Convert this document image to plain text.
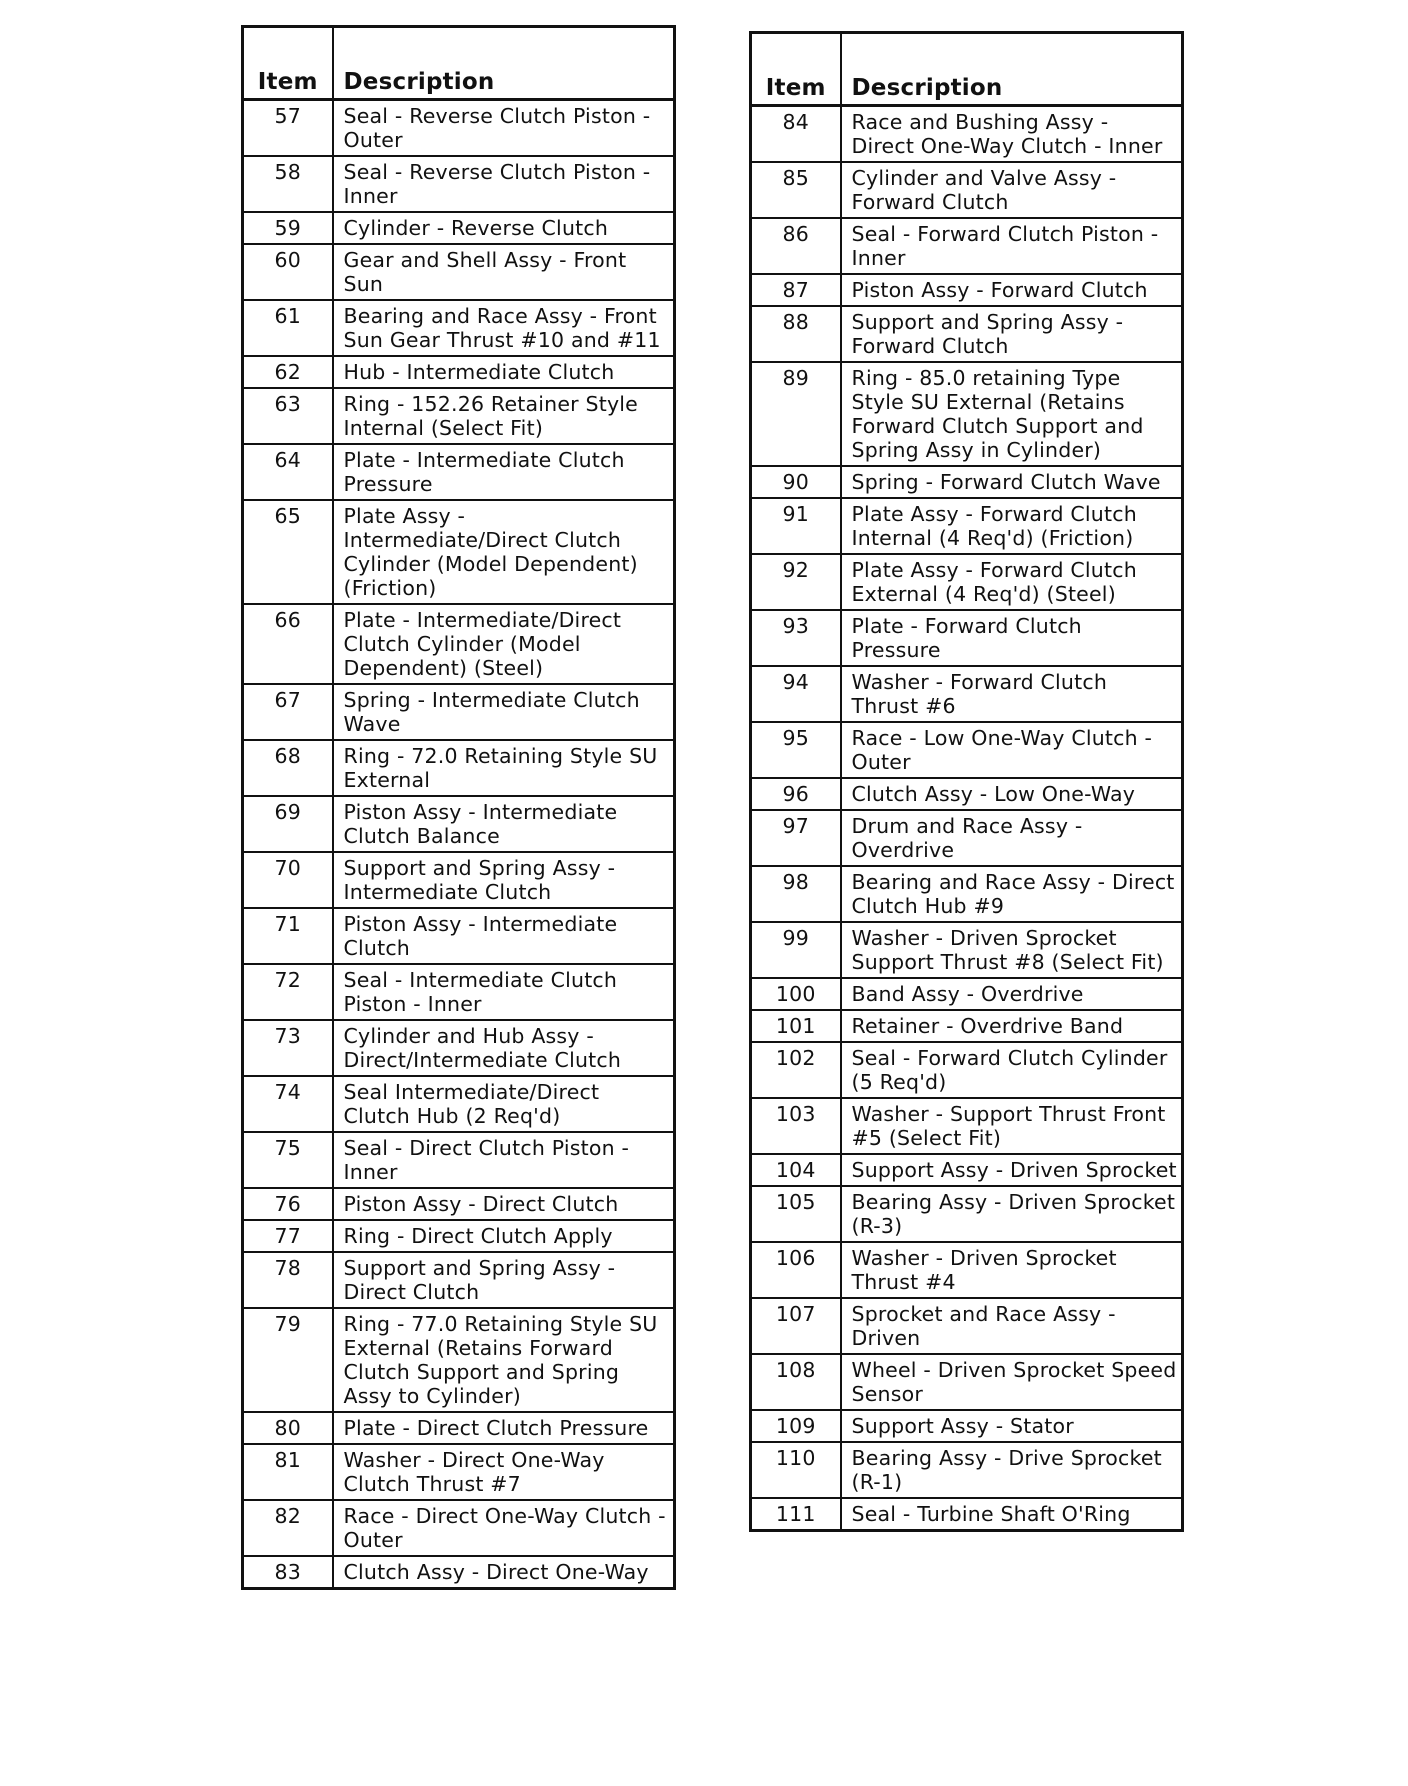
Item	Description
57	Seal - Reverse Clutch Piston - Outer
58	Seal - Reverse Clutch Piston - Inner
59	Cylinder - Reverse Clutch
60	Gear and Shell Assy - Front Sun
61	Bearing and Race Assy - Front Sun Gear Thrust #10 and #11
62	Hub - Intermediate Clutch
63	Ring - 152.26 Retainer Style Internal (Select Fit)
64	Plate - Intermediate Clutch Pressure
65	Plate Assy - Intermediate/Direct Clutch Cylinder (Model Dependent) (Friction)
66	Plate - Intermediate/Direct Clutch Cylinder (Model Dependent) (Steel)
67	Spring - Intermediate Clutch Wave
68	Ring - 72.0 Retaining Style SU External
69	Piston Assy - Intermediate Clutch Balance
70	Support and Spring Assy - Intermediate Clutch
71	Piston Assy - Intermediate Clutch
72	Seal - Intermediate Clutch Piston - Inner
73	Cylinder and Hub Assy - Direct/Intermediate Clutch
74	Seal Intermediate/Direct Clutch Hub (2 Req'd)
75	Seal - Direct Clutch Piston - Inner
76	Piston Assy - Direct Clutch
77	Ring - Direct Clutch Apply
78	Support and Spring Assy -Direct Clutch
79	Ring - 77.0 Retaining Style SU External (Retains Forward Clutch Support and Spring Assy to Cylinder)
80	Plate - Direct Clutch Pressure
81	Washer - Direct One-Way Clutch Thrust #7
82	Race - Direct One-Way Clutch - Outer
83	Clutch Assy - Direct One-Way
Item	Description
84	Race and Bushing Assy - Direct One-Way Clutch - Inner
85	Cylinder and Valve Assy - Forward Clutch
86	Seal - Forward Clutch Piston - Inner
87	Piston Assy - Forward Clutch
88	Support and Spring Assy - Forward Clutch
89	Ring - 85.0 retaining Type Style SU External (Retains Forward Clutch Support and Spring Assy in Cylinder)
90	Spring - Forward Clutch Wave
91	Plate Assy - Forward Clutch Internal (4 Req'd) (Friction)
92	Plate Assy - Forward Clutch External (4 Req'd) (Steel)
93	Plate - Forward Clutch Pressure
94	Washer - Forward Clutch Thrust #6
95	Race - Low One-Way Clutch - Outer
96	Clutch Assy - Low One-Way
97	Drum and Race Assy - Overdrive
98	Bearing and Race Assy - Direct Clutch Hub #9
99	Washer - Driven Sprocket Support Thrust #8 (Select Fit)
100	Band Assy - Overdrive
101	Retainer - Overdrive Band
102	Seal - Forward Clutch Cylinder (5 Req'd)
103	Washer - Support Thrust Front #5 (Select Fit)
104	Support Assy - Driven Sprocket
105	Bearing Assy - Driven Sprocket (R-3)
106	Washer - Driven Sprocket Thrust #4
107	Sprocket and Race Assy - Driven
108	Wheel - Driven Sprocket Speed Sensor
109	Support Assy - Stator
110	Bearing Assy - Drive Sprocket (R-1)
111	Seal - Turbine Shaft O'Ring
